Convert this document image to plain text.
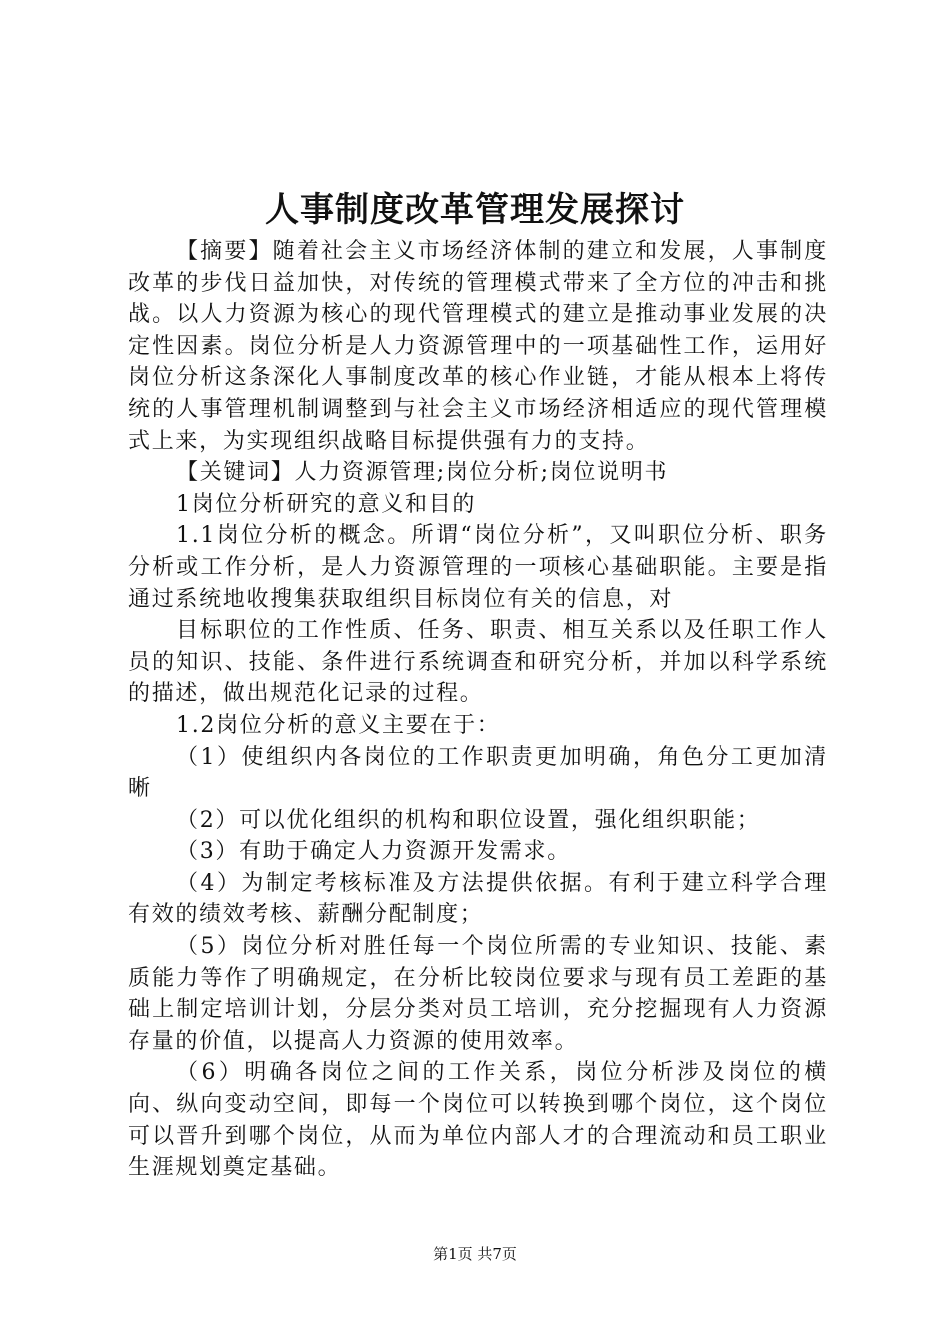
人事制度改革管理发展探讨

【摘要】随着社会主义市场经济体制的建立和发展，人事制度改革的步伐日益加快，对传统的管理模式带来了全方位的冲击和挑战。以人力资源为核心的现代管理模式的建立是推动事业发展的决定性因素。岗位分析是人力资源管理中的一项基础性工作，运用好岗位分析这条深化人事制度改革的核心作业链，才能从根本上将传统的人事管理机制调整到与社会主义市场经济相适应的现代管理模式上来，为实现组织战略目标提供强有力的支持。

【关键词】人力资源管理;岗位分析;岗位说明书

1岗位分析研究的意义和目的

1.1岗位分析的概念。所谓“岗位分析”，又叫职位分析、职务分析或工作分析，是人力资源管理的一项核心基础职能。主要是指通过系统地收搜集获取组织目标岗位有关的信息，对

目标职位的工作性质、任务、职责、相互关系以及任职工作人员的知识、技能、条件进行系统调查和研究分析，并加以科学系统的描述，做出规范化记录的过程。

1.2岗位分析的意义主要在于：

（1）使组织内各岗位的工作职责更加明确，角色分工更加清晰

（2）可以优化组织的机构和职位设置，强化组织职能；

（3）有助于确定人力资源开发需求。

（4）为制定考核标准及方法提供依据。有利于建立科学合理有效的绩效考核、薪酬分配制度；

（5）岗位分析对胜任每一个岗位所需的专业知识、技能、素质能力等作了明确规定，在分析比较岗位要求与现有员工差距的基础上制定培训计划，分层分类对员工培训，充分挖掘现有人力资源存量的价值，以提高人力资源的使用效率。

（6）明确各岗位之间的工作关系，岗位分析涉及岗位的横向、纵向变动空间，即每一个岗位可以转换到哪个岗位，这个岗位可以晋升到哪个岗位，从而为单位内部人才的合理流动和员工职业生涯规划奠定基础。

第1页 共7页
